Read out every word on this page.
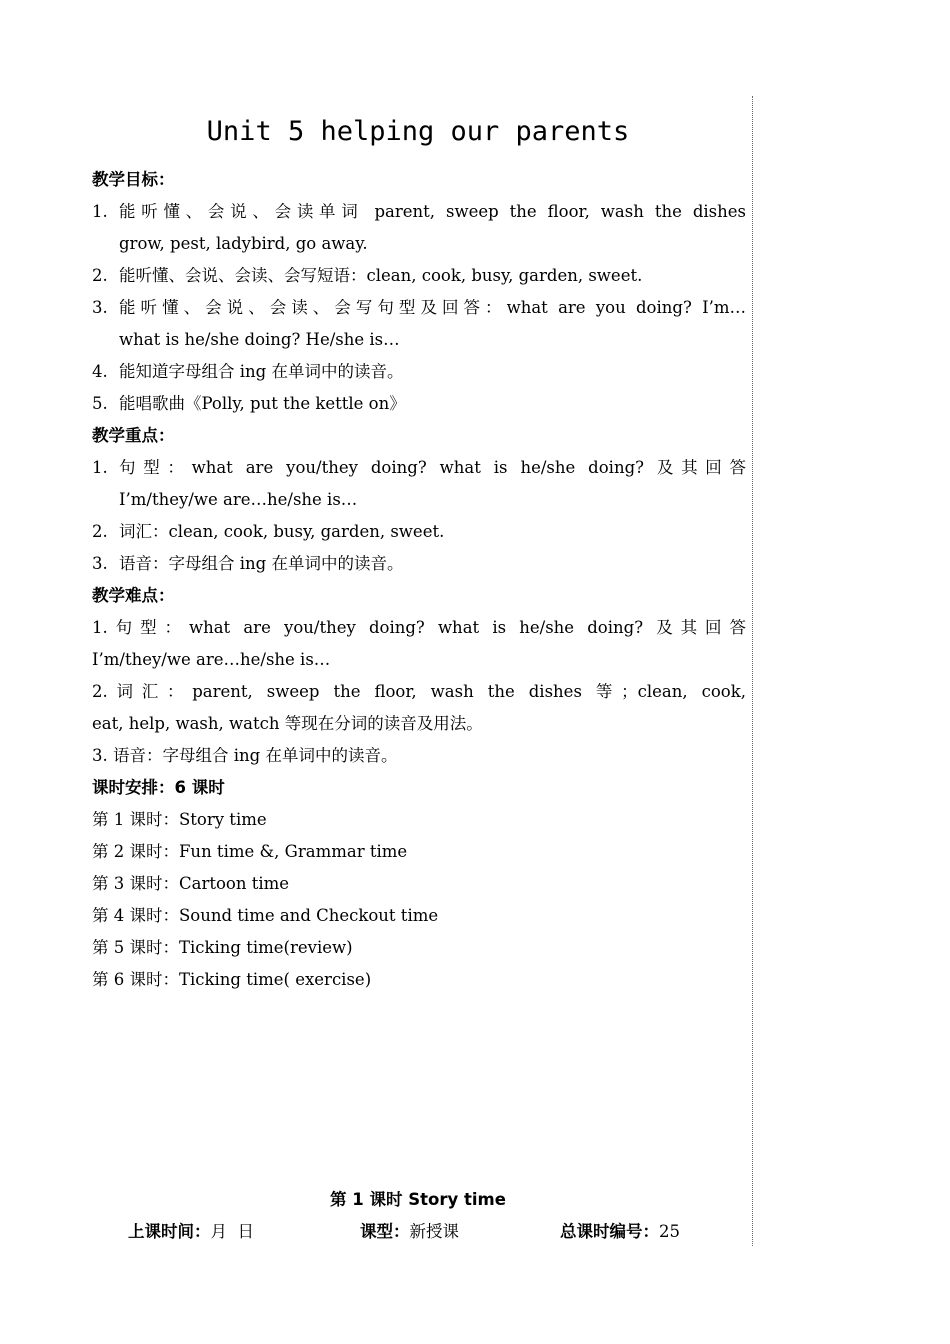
Unit 5 helping our parents
教学目标：
1. 能听懂、会说、会读单词 parent, sweep the floor, wash the dishes
grow, pest, ladybird, go away.
2. 能听懂、会说、会读、会写短语：clean, cook, busy, garden, sweet.
3. 能听懂、会说、会读、会写句型及回答：what are you doing? I’m…
what is he/she doing? He/she is…
4. 能知道字母组合 ing 在单词中的读音。
5. 能唱歌曲《Polly, put the kettle on》
教学重点：
1. 句型：what are you/they doing? what is he/she doing? 及其回答
I’m/they/we are…he/she is…
2. 词汇：clean, cook, busy, garden, sweet.
3. 语音：字母组合 ing 在单词中的读音。
教学难点：
1.句型：what are you/they doing? what is he/she doing? 及其回答
I’m/they/we are…he/she is…
2.词汇：parent, sweep the floor, wash the dishes 等；clean, cook,
eat, help, wash, watch 等现在分词的读音及用法。
3. 语音：字母组合 ing 在单词中的读音。
课时安排：6 课时
第 1 课时：Story time
第 2 课时：Fun time &, Grammar time
第 3 课时：Cartoon time
第 4 课时：Sound time and Checkout time
第 5 课时：Ticking time(review)
第 6 课时：Ticking time( exercise)
第 1 课时 Story time
上课时间：月  日	课型：新授课	总课时编号：25
